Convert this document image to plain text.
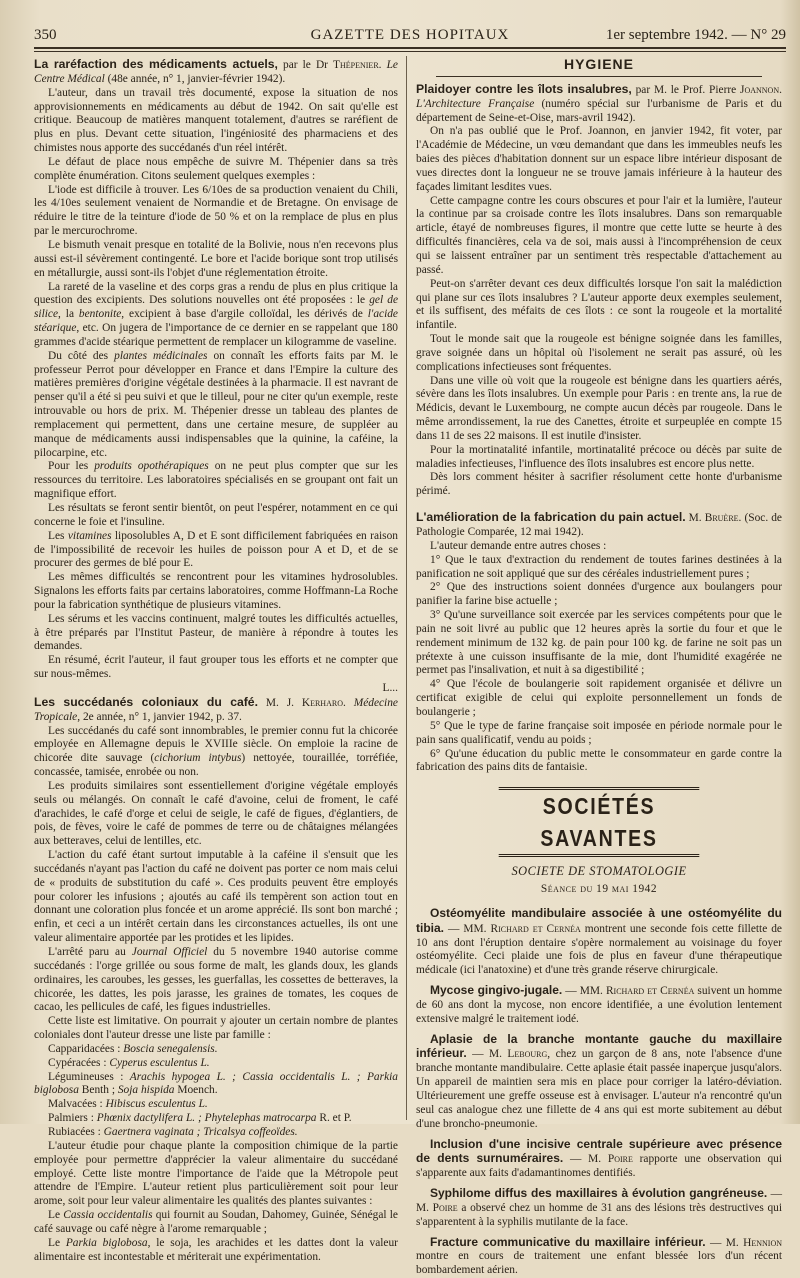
350	GAZETTE DES HOPITAUX	1er septembre 1942. — N° 29

La raréfaction des médicaments actuels, par le Dr Thépenier. Le Centre Médical (48e année, n° 1, janvier-février 1942).

L'auteur, dans un travail très documenté, expose la situation de nos approvisionnements en médicaments au début de 1942. On sait qu'elle est critique. Beaucoup de matières manquent totalement, d'autres se raréfient de plus en plus. Devant cette situation, l'ingéniosité des pharmaciens et des chimistes nous apporte des succédanés d'un réel intérêt.

Le défaut de place nous empêche de suivre M. Thépenier dans sa très complète énumération. Citons seulement quelques exemples :

L'iode est difficile à trouver. Les 6/10es de sa production venaient du Chili, les 4/10es seulement venaient de Normandie et de Bretagne. On envisage de réduire le titre de la teinture d'iode de 50 % et on la remplace de plus en plus par le mercurochrome.

Le bismuth venait presque en totalité de la Bolivie, nous n'en recevons plus aussi est-il sévèrement contingenté. Le bore et l'acide borique sont trop utilisés en métallurgie, aussi sont-ils l'objet d'une réglementation étroite.

La rareté de la vaseline et des corps gras a rendu de plus en plus critique la question des excipients. Des solutions nouvelles ont été proposées : le gel de silice, la bentonite, excipient à base d'argile colloïdal, les dérivés de l'acide stéarique, etc. On jugera de l'importance de ce dernier en se rappelant que 180 grammes d'acide stéarique permettent de remplacer un kilogramme de vaseline.

Du côté des plantes médicinales on connaît les efforts faits par M. le professeur Perrot pour développer en France et dans l'Empire la culture des matières premières d'origine végétale destinées à la pharmacie. Il est navrant de penser qu'il a été si peu suivi et que le tilleul, pour ne citer qu'un exemple, reste introuvable ou hors de prix. M. Thépenier dresse un tableau des plantes de remplacement qui permettent, dans une certaine mesure, de suppléer au manque de médicaments aussi indispensables que la quinine, la caféine, la pilocarpine, etc.

Pour les produits opothérapiques on ne peut plus compter que sur les ressources du territoire. Les laboratoires spécialisés en se groupant ont fait un magnifique effort.

Les résultats se feront sentir bientôt, on peut l'espérer, notamment en ce qui concerne le foie et l'insuline.

Les vitamines liposolubles A, D et E sont difficilement fabriquées en raison de l'impossibilité de recevoir les huiles de poisson pour A et D, et de se procurer des germes de blé pour E.

Les mêmes difficultés se rencontrent pour les vitamines hydrosolubles. Signalons les efforts faits par certains laboratoires, comme Hoffmann-La Roche pour la fabrication synthétique de plusieurs vitamines.

Les sérums et les vaccins continuent, malgré toutes les difficultés actuelles, à être préparés par l'Institut Pasteur, de manière à répondre à toutes les demandes.

En résumé, écrit l'auteur, il faut grouper tous les efforts et ne compter que sur nous-mêmes.

L...

Les succédanés coloniaux du café. M. J. Kerharo. Médecine Tropicale, 2e année, n° 1, janvier 1942, p. 37.

Les succédanés du café sont innombrables, le premier connu fut la chicorée employée en Allemagne depuis le XVIIIe siècle. On emploie la racine de chicorée dite sauvage (cichorium intybus) nettoyée, touraillée, torréfiée, concassée, tamisée, enrobée ou non.

Les produits similaires sont essentiellement d'origine végétale employés seuls ou mélangés. On connaît le café d'avoine, celui de froment, le café d'arachides, le café d'orge et celui de seigle, le café de figues, d'églantiers, de pois, de fèves, voire le café de pommes de terre ou de châtaignes mélangées aux betteraves, celui de lentilles, etc.

L'action du café étant surtout imputable à la caféine il s'ensuit que les succédanés n'ayant pas l'action du café ne doivent pas porter ce nom mais celui de « produits de substitution du café ». Ces produits peuvent être employés pour colorer les infusions ; ajoutés au café ils tempèrent son action tout en donnant une coloration plus foncée et un arome apprécié. Ils sont bon marché ; enfin, et ceci a un intérêt certain dans les circonstances actuelles, ils ont une valeur alimentaire apportée par les protides et les lipides.

L'arrêté paru au Journal Officiel du 5 novembre 1940 autorise comme succédanés : l'orge grillée ou sous forme de malt, les glands doux, les glands ordinaires, les caroubes, les gesses, les guerfallas, les cossettes de betteraves, la chicorée, les dattes, les pois jarasse, les graines de tomates, les coques de cacao, les pellicules de café, les figues industrielles.

Cette liste est limitative. On pourrait y ajouter un certain nombre de plantes coloniales dont l'auteur dresse une liste par famille :

Capparidacées : Boscia senegalensis.

Cypéracées : Cyperus esculentus L.

Légumineuses : Arachis hypogea L. ; Cassia occidentalis L. ; Parkia biglobosa Benth ; Soja hispida Moench.

Malvacées : Hibiscus esculentus L.

Palmiers : Phœnix dactylifera L. ; Phytelephas matrocarpa R. et P.

Rubiacées : Gaertnera vaginata ; Tricalsya coffeoïdes.

L'auteur étudie pour chaque plante la composition chimique de la partie employée pour permettre d'apprécier la valeur alimentaire du succédané employé. Cette liste montre l'importance de l'aide que la Métropole peut attendre de l'Empire. L'auteur retient plus particulièrement soit pour leur arome, soit pour leur valeur alimentaire les qualités des plantes suivantes :

Le Cassia occidentalis qui fournit au Soudan, Dahomey, Guinée, Sénégal le café sauvage ou café nègre à l'arome remarquable ;

Le Parkia biglobosa, le soja, les arachides et les dattes dont la valeur alimentaire est incontestable et mériterait une expérimentation.

HYGIENE

Plaidoyer contre les îlots insalubres, par M. le Prof. Pierre Joannon. L'Architecture Française (numéro spécial sur l'urbanisme de Paris et du département de Seine-et-Oise, mars-avril 1942).

On n'a pas oublié que le Prof. Joannon, en janvier 1942, fit voter, par l'Académie de Médecine, un vœu demandant que dans les immeubles neufs les baies des pièces d'habitation donnent sur un espace libre intérieur disposant de vues directes dont la longueur ne se trouve jamais inférieure à la hauteur des façades limitant lesdites vues.

Cette campagne contre les cours obscures et pour l'air et la lumière, l'auteur la continue par sa croisade contre les îlots insalubres. Dans son remarquable article, étayé de nombreuses figures, il montre que cette lutte se heurte à des difficultés financières, cela va de soi, mais aussi à l'incompréhension de ceux qui se laissent entraîner par un sentiment très respectable d'attachement au passé.

Peut-on s'arrêter devant ces deux difficultés lorsque l'on sait la malédiction qui plane sur ces îlots insalubres ? L'auteur apporte deux exemples seulement, et ils suffisent, des méfaits de ces îlots : ce sont la rougeole et la mortalité infantile.

Tout le monde sait que la rougeole est bénigne soignée dans les familles, grave soignée dans un hôpital où l'isolement ne serait pas assuré, où les complications infectieuses sont fréquentes.

Dans une ville où voit que la rougeole est bénigne dans les quartiers aérés, sévère dans les îlots insalubres. Un exemple pour Paris : en trente ans, la rue de Médicis, devant le Luxembourg, ne compte aucun décès par rougeole. Dans le même arrondissement, la rue des Canettes, étroite et surpeuplée en compte 15 dans 11 de ses 22 maisons. Il est inutile d'insister.

Pour la mortinatalité infantile, mortinatalité précoce ou décès par suite de maladies infectieuses, l'influence des îlots insalubres est encore plus nette.

Dès lors comment hésiter à sacrifier résolument cette honte d'urbanisme périmé.

L'amélioration de la fabrication du pain actuel. M. Bruère. (Soc. de Pathologie Comparée, 12 mai 1942).

L'auteur demande entre autres choses :

1° Que le taux d'extraction du rendement de toutes farines destinées à la panification ne soit appliqué que sur des céréales industriellement pures ;

2° Que des instructions soient données d'urgence aux boulangers pour panifier la farine bise actuelle ;

3° Qu'une surveillance soit exercée par les services compétents pour que le pain ne soit livré au public que 12 heures après la sortie du four et que le rendement minimum de 132 kg. de pain pour 100 kg. de farine ne soit pas un prétexte à une cuisson insuffisante de la mie, dont l'humidité exagérée ne permet pas l'insalivation, et nuit à sa digestibilité ;

4° Que l'école de boulangerie soit rapidement organisée et délivre un certificat exigible de celui qui exploite personnellement un fonds de boulangerie ;

5° Que le type de farine française soit imposée en période normale pour le pain sans qualificatif, vendu au poids ;

6° Qu'une éducation du public mette le consommateur en garde contre la fabrication des pains dits de fantaisie.

SOCIÉTÉS SAVANTES
SOCIETE DE STOMATOLOGIE
Séance du 19 mai 1942

Ostéomyélite mandibulaire associée à une ostéomyélite du tibia. — MM. Richard et Cernéa montrent une seconde fois cette fillette de 10 ans dont l'éruption dentaire s'opère normalement au voisinage du foyer ostéomyélite. Ceci plaide une fois de plus en faveur d'une thérapeutique médicale (ici l'anatoxine) et d'une très grande réserve chirurgicale.

Mycose gingivo-jugale. — MM. Richard et Cernéa suivent un homme de 60 ans dont la mycose, non encore identifiée, a une évolution lentement extensive malgré le traitement iodé.

Aplasie de la branche montante gauche du maxillaire inférieur. — M. Lebourg, chez un garçon de 8 ans, note l'absence d'une branche montante mandibulaire. Cette aplasie était passée inaperçue jusqu'alors. Un appareil de maintien sera mis en place pour corriger la latéro-déviation. Ultérieurement une greffe osseuse est à envisager. L'auteur n'a rencontré qu'un seul cas analogue chez une fillette de 4 ans qui est morte subitement au début d'une broncho-pneumonie.

Inclusion d'une incisive centrale supérieure avec présence de dents surnuméraires. — M. Poire rapporte une observation qui s'apparente aux faits d'adamantinomes dentifiés.

Syphilome diffus des maxillaires à évolution gangréneuse. — M. Poire a observé chez un homme de 31 ans des lésions très destructives qui s'apparentent à la syphilis mutilante de la face.

Fracture communicative du maxillaire inférieur. — M. Hennion montre en cours de traitement une enfant blessée lors d'un récent bombardement aérien.
